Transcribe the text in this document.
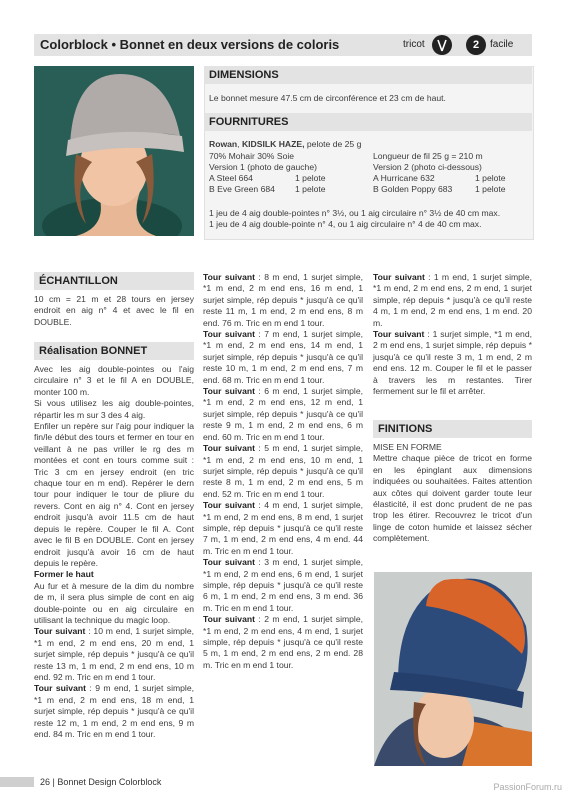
Colorblock • Bonnet en deux versions de coloris	tricot	2	facile
DIMENSIONS
Le bonnet mesure 47.5 cm de circonférence et 23 cm de haut.
FOURNITURES
Rowan, KIDSILK HAZE, pelote de 25 g
70% Mohair 30% Soie	Longueur de fil 25 g = 210 m
Version 1 (photo de gauche)	Version 2 (photo ci-dessous)
A Steel 664	1 pelote	A Hurricane 632	1 pelote
B Eve Green 684 1 pelote	B Golden Poppy 683	1 pelote
1 jeu de 4 aig double-pointes n° 3½, ou 1 aig circulaire n° 3½ de 40 cm max.
1 jeu de 4 aig double-pointe n° 4, ou 1 aig circulaire n° 4 de 40 cm max.
ÉCHANTILLON
10 cm = 21 m et 28 tours en jersey endroit en aig n° 4 et avec le fil en DOUBLE.
Réalisation BONNET

Avec les aig double-pointes ou l'aig circulaire n° 3 et le fil A en DOUBLE, monter 100 m.

Si vous utilisez les aig double-pointes, répartir les m sur 3 des 4 aig.

Enfiler un repère sur l'aig pour indiquer la fin/le début des tours et fermer en tour en veillant à ne pas vriller le rg des m montées et cont en tours comme suit : Tric 3 cm en jersey endroit (en tric chaque tour en m end). Repérer le dern tour pour indiquer le tour de pliure du revers. Cont en aig n° 4. Cont en jersey endroit jusqu'à avoir 11.5 cm de haut depuis le repère. Couper le fil A. Cont avec le fil B en DOUBLE. Cont en jersey endroit jusqu'à avoir 16 cm de haut depuis le repère.

Former le haut

Au fur et à mesure de la dim du nombre de m, il sera plus simple de cont en aig double-pointe ou en aig circulaire en utilisant la technique du magic loop.

Tour suivant : 10 m end, 1 surjet simple, *1 m end, 2 m end ens, 20 m end, 1 surjet simple, rép depuis * jusqu'à ce qu'il reste 13 m, 1 m end, 2 m end ens, 10 m end. 92 m. Tric en m end 1 tour.

Tour suivant : 9 m end, 1 surjet simple, *1 m end, 2 m end ens, 18 m end, 1 surjet simple, rép depuis * jusqu'à ce qu'il reste 12 m, 1 m end, 2 m end ens, 9 m end. 84 m. Tric en m end 1 tour.

Tour suivant : 8 m end, 1 surjet simple, *1 m end, 2 m end ens, 16 m end, 1 surjet simple, rép depuis * jusqu'à ce qu'il reste 11 m, 1 m end, 2 m end ens, 8 m end. 76 m. Tric en m end 1 tour.

Tour suivant : 7 m end, 1 surjet simple, *1 m end, 2 m end ens, 14 m end, 1 surjet simple, rép depuis * jusqu'à ce qu'il reste 10 m, 1 m end, 2 m end ens, 7 m end. 68 m. Tric en m end 1 tour.

Tour suivant : 6 m end, 1 surjet simple, *1 m end, 2 m end ens, 12 m end, 1 surjet simple, rép depuis * jusqu'à ce qu'il reste 9 m, 1 m end, 2 m end ens, 6 m end. 60 m. Tric en m end 1 tour.

Tour suivant : 5 m end, 1 surjet simple, *1 m end, 2 m end ens, 10 m end, 1 surjet simple, rép depuis * jusqu'à ce qu'il reste 8 m, 1 m end, 2 m end ens, 5 m end. 52 m. Tric en m end 1 tour.

Tour suivant : 4 m end, 1 surjet simple, *1 m end, 2 m end ens, 8 m end, 1 surjet simple, rép depuis * jusqu'à ce qu'il reste 7 m, 1 m end, 2 m end ens, 4 m end. 44 m. Tric en m end 1 tour.

Tour suivant : 3 m end, 1 surjet simple, *1 m end, 2 m end ens, 6 m end, 1 surjet simple, rép depuis * jusqu'à ce qu'il reste 6 m, 1 m end, 2 m end ens, 3 m end. 36 m. Tric en m end 1 tour.

Tour suivant : 2 m end, 1 surjet simple, *1 m end, 2 m end ens, 4 m end, 1 surjet simple, rép depuis * jusqu'à ce qu'il reste 5 m, 1 m end, 2 m end ens, 2 m end. 28 m. Tric en m end 1 tour.

Tour suivant : 1 m end, 1 surjet simple, *1 m end, 2 m end ens, 2 m end, 1 surjet simple, rép depuis * jusqu'à ce qu'il reste 4 m, 1 m end, 2 m end ens, 1 m end. 20 m.

Tour suivant : 1 surjet simple, *1 m end, 2 m end ens, 1 surjet simple, rép depuis * jusqu'à ce qu'il reste 3 m, 1 m end, 2 m end ens. 12 m. Couper le fil et le passer à travers les m restantes. Tirer fermement sur le fil et arrêter.

FINITIONS

MISE EN FORME

Mettre chaque pièce de tricot en forme en les épinglant aux dimensions indiquées ou souhaitées. Faites attention aux côtes qui doivent garder toute leur élasticité, il est donc prudent de ne pas trop les étirer. Recouvrez le tricot d'un linge de coton humide et laissez sécher complètement.

26 | Bonnet Design Colorblock	PassionForum.ru
